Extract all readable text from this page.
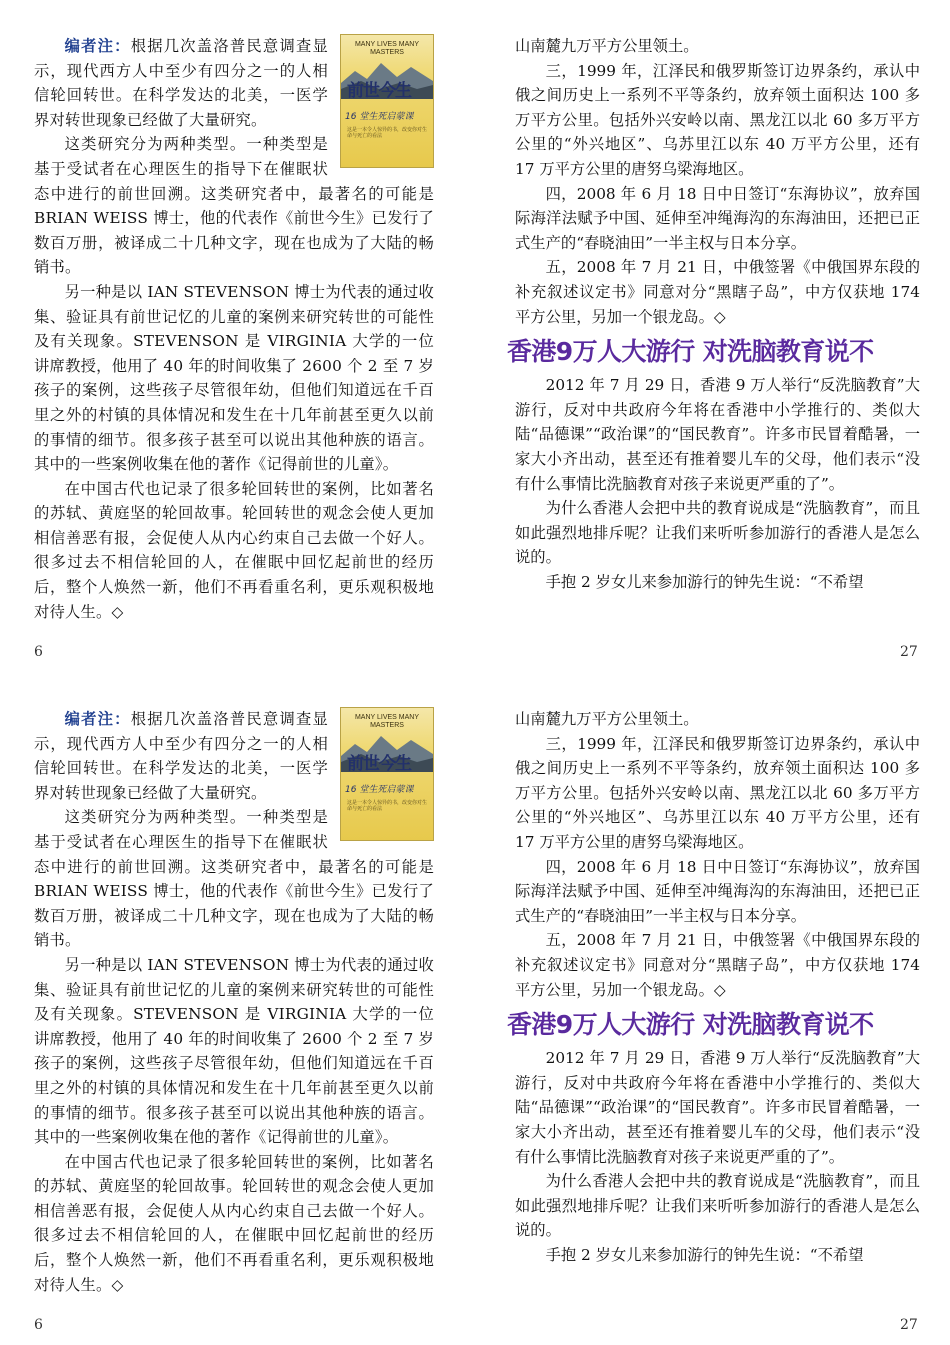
MANY LIVES MANY MASTERS
前世今生
16 堂生死启蒙课
这是一本令人惊异的书，改变你对生命与死亡的看法

编者注：根据几次盖洛普民意调查显示，现代西方人中至少有四分之一的人相信轮回转世。在科学发达的北美，一医学界对转世现象已经做了大量研究。

这类研究分为两种类型。一种类型是基于受试者在心理医生的指导下在催眠状态中进行的前世回溯。这类研究者中，最著名的可能是 BRIAN WEISS 博士，他的代表作《前世今生》已发行了数百万册，被译成二十几种文字，现在也成为了大陆的畅销书。

另一种是以 IAN STEVENSON 博士为代表的通过收集、验证具有前世记忆的儿童的案例来研究转世的可能性及有关现象。STEVENSON 是 VIRGINIA 大学的一位讲席教授，他用了 40 年的时间收集了 2600 个 2 至 7 岁孩子的案例，这些孩子尽管很年幼，但他们知道远在千百里之外的村镇的具体情况和发生在十几年前甚至更久以前的事情的细节。很多孩子甚至可以说出其他种族的语言。其中的一些案例收集在他的著作《记得前世的儿童》。

在中国古代也记录了很多轮回转世的案例，比如著名的苏轼、黄庭坚的轮回故事。轮回转世的观念会使人更加相信善恶有报，会促使人从内心约束自己去做一个好人。很多过去不相信轮回的人，在催眠中回忆起前世的经历后，整个人焕然一新，他们不再看重名利，更乐观积极地对待人生。◇

山南麓九万平方公里领土。

三，1999 年，江泽民和俄罗斯签订边界条约，承认中俄之间历史上一系列不平等条约，放弃领土面积达 100 多万平方公里。包括外兴安岭以南、黑龙江以北 60 多万平方公里的“外兴地区”、乌苏里江以东 40 万平方公里，还有 17 万平方公里的唐努乌梁海地区。

四，2008 年 6 月 18 日中日签订“东海协议”，放弃国际海洋法赋予中国、延伸至冲绳海沟的东海油田，还把已正式生产的“春晓油田”一半主权与日本分享。

五，2008 年 7 月 21 日，中俄签署《中俄国界东段的补充叙述议定书》同意对分“黑瞎子岛”，中方仅获地 174 平方公里，另加一个银龙岛。◇

香港9万人大游行 对洗脑教育说不

2012 年 7 月 29 日，香港 9 万人举行“反洗脑教育”大游行，反对中共政府今年将在香港中小学推行的、类似大陆“品德课”“政治课”的“国民教育”。许多市民冒着酷暑，一家大小齐出动，甚至还有推着婴儿车的父母，他们表示“没有什么事情比洗脑教育对孩子来说更严重的了”。

为什么香港人会把中共的教育说成是“洗脑教育”，而且如此强烈地排斥呢？让我们来听听参加游行的香港人是怎么说的。

手抱 2 岁女儿来参加游行的钟先生说：“不希望

6	27
MANY LIVES MANY MASTERS
前世今生
16 堂生死启蒙课
这是一本令人惊异的书，改变你对生命与死亡的看法

编者注：根据几次盖洛普民意调查显示，现代西方人中至少有四分之一的人相信轮回转世。在科学发达的北美，一医学界对转世现象已经做了大量研究。

这类研究分为两种类型。一种类型是基于受试者在心理医生的指导下在催眠状态中进行的前世回溯。这类研究者中，最著名的可能是 BRIAN WEISS 博士，他的代表作《前世今生》已发行了数百万册，被译成二十几种文字，现在也成为了大陆的畅销书。

另一种是以 IAN STEVENSON 博士为代表的通过收集、验证具有前世记忆的儿童的案例来研究转世的可能性及有关现象。STEVENSON 是 VIRGINIA 大学的一位讲席教授，他用了 40 年的时间收集了 2600 个 2 至 7 岁孩子的案例，这些孩子尽管很年幼，但他们知道远在千百里之外的村镇的具体情况和发生在十几年前甚至更久以前的事情的细节。很多孩子甚至可以说出其他种族的语言。其中的一些案例收集在他的著作《记得前世的儿童》。

在中国古代也记录了很多轮回转世的案例，比如著名的苏轼、黄庭坚的轮回故事。轮回转世的观念会使人更加相信善恶有报，会促使人从内心约束自己去做一个好人。很多过去不相信轮回的人，在催眠中回忆起前世的经历后，整个人焕然一新，他们不再看重名利，更乐观积极地对待人生。◇

山南麓九万平方公里领土。

三，1999 年，江泽民和俄罗斯签订边界条约，承认中俄之间历史上一系列不平等条约，放弃领土面积达 100 多万平方公里。包括外兴安岭以南、黑龙江以北 60 多万平方公里的“外兴地区”、乌苏里江以东 40 万平方公里，还有 17 万平方公里的唐努乌梁海地区。

四，2008 年 6 月 18 日中日签订“东海协议”，放弃国际海洋法赋予中国、延伸至冲绳海沟的东海油田，还把已正式生产的“春晓油田”一半主权与日本分享。

五，2008 年 7 月 21 日，中俄签署《中俄国界东段的补充叙述议定书》同意对分“黑瞎子岛”，中方仅获地 174 平方公里，另加一个银龙岛。◇

香港9万人大游行 对洗脑教育说不

2012 年 7 月 29 日，香港 9 万人举行“反洗脑教育”大游行，反对中共政府今年将在香港中小学推行的、类似大陆“品德课”“政治课”的“国民教育”。许多市民冒着酷暑，一家大小齐出动，甚至还有推着婴儿车的父母，他们表示“没有什么事情比洗脑教育对孩子来说更严重的了”。

为什么香港人会把中共的教育说成是“洗脑教育”，而且如此强烈地排斥呢？让我们来听听参加游行的香港人是怎么说的。

手抱 2 岁女儿来参加游行的钟先生说：“不希望

6	27
